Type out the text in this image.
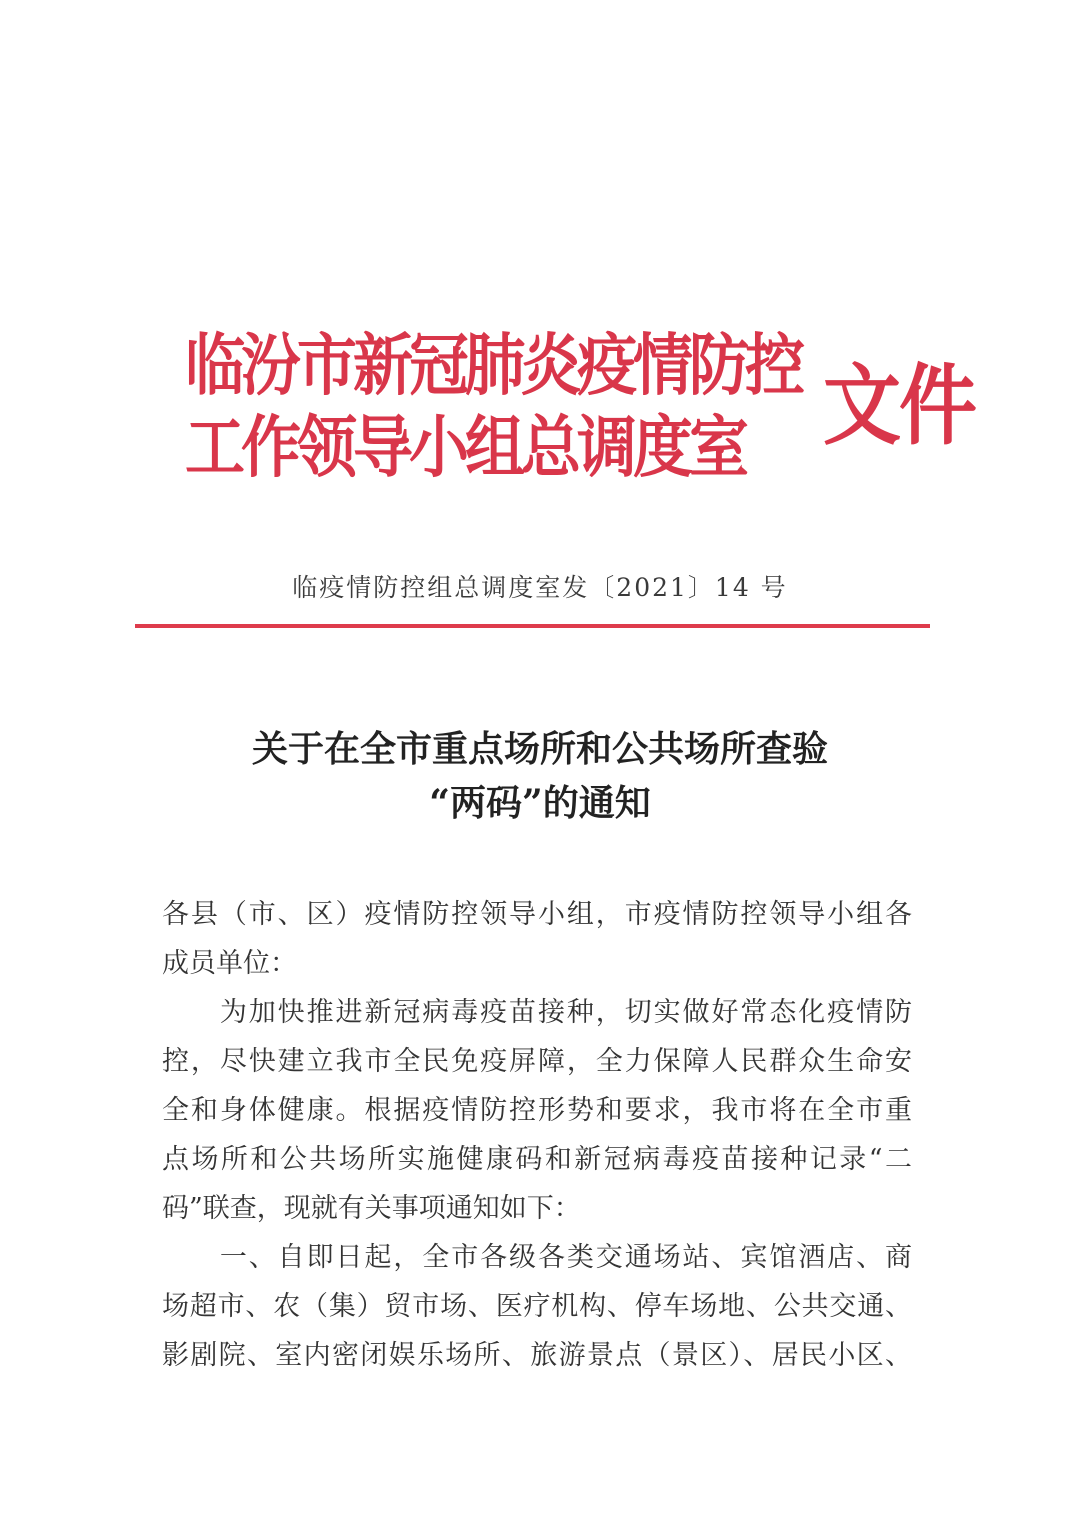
临汾市新冠肺炎疫情防控
工作领导小组总调度室	文件
临疫情防控组总调度室发〔2021〕14 号
关于在全市重点场所和公共场所查验
“两码”的通知
各县（市、区）疫情防控领导小组，市疫情防控领导小组各
成员单位：
　　为加快推进新冠病毒疫苗接种，切实做好常态化疫情防
控，尽快建立我市全民免疫屏障，全力保障人民群众生命安
全和身体健康。根据疫情防控形势和要求，我市将在全市重
点场所和公共场所实施健康码和新冠病毒疫苗接种记录“二
码”联查，现就有关事项通知如下：
　　一、自即日起，全市各级各类交通场站、宾馆酒店、商
场超市、农（集）贸市场、医疗机构、停车场地、公共交通、
影剧院、室内密闭娱乐场所、旅游景点（景区）、居民小区、
